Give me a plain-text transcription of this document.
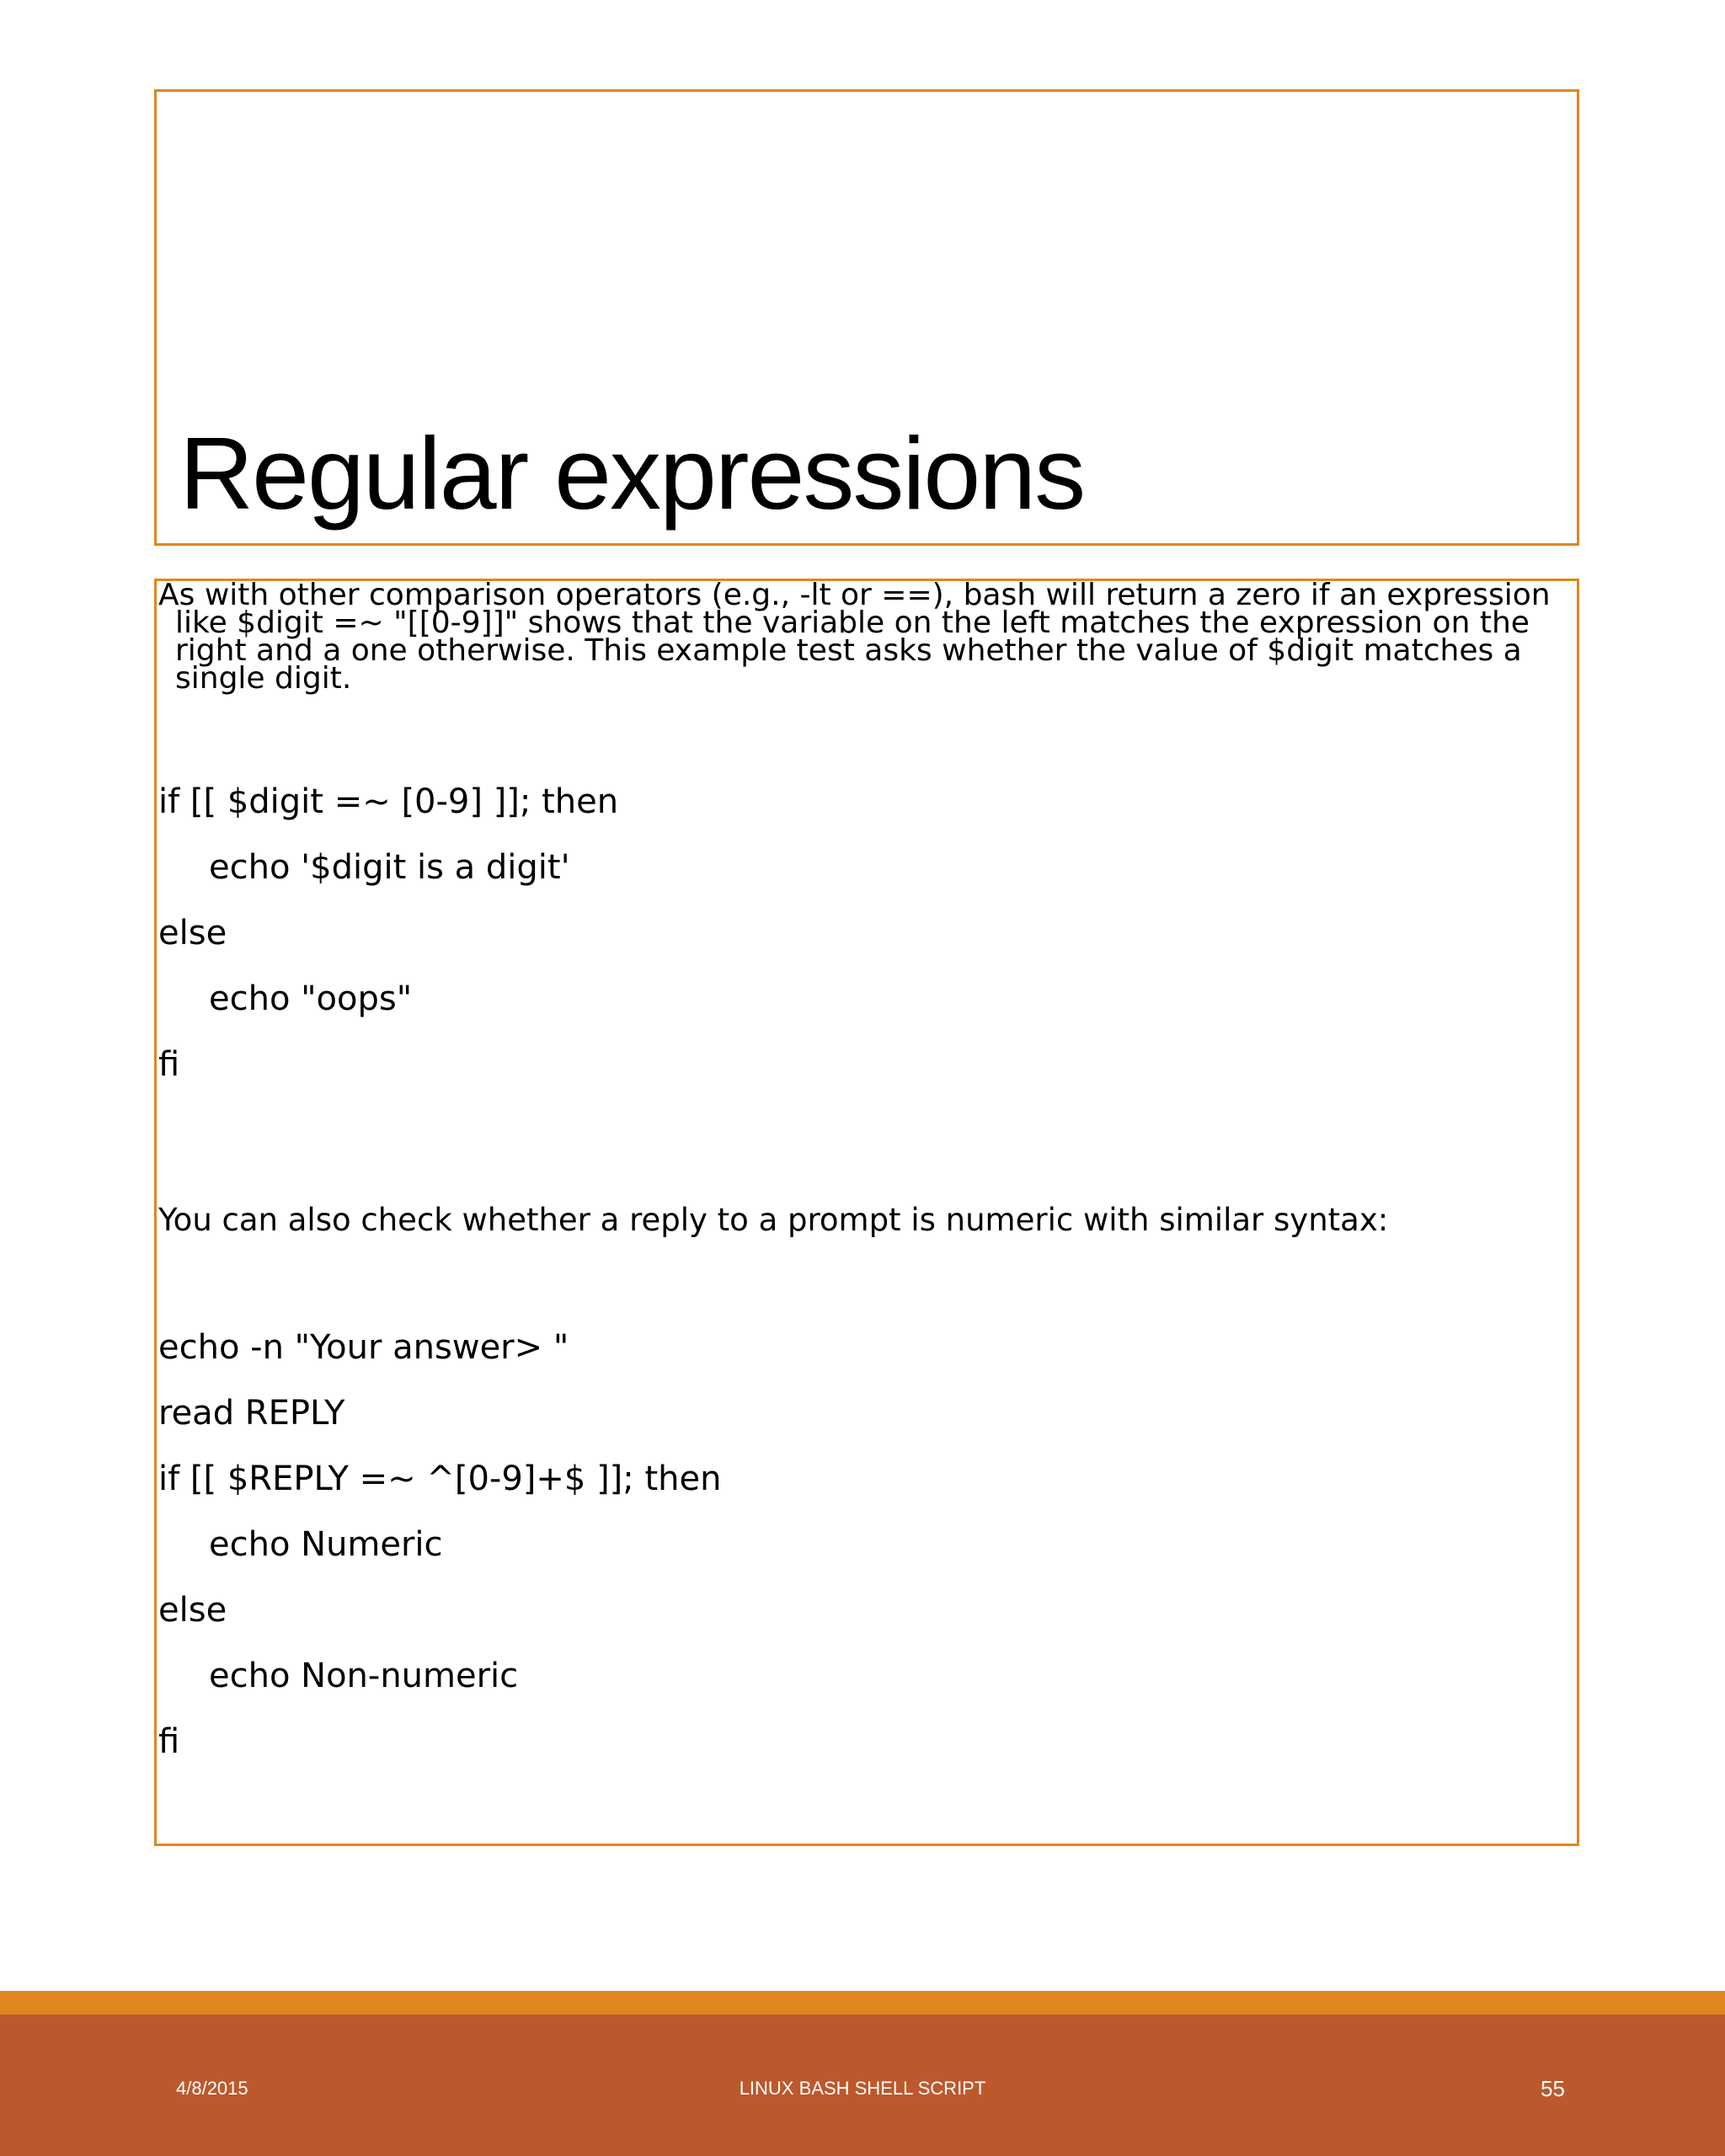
Regular expressions

As with other comparison operators (e.g., -lt or ==), bash will return a zero if an expression like $digit =~ "[[0-9]]" shows that the variable on the left matches the expression on the right and a one otherwise. This example test asks whether the value of $digit matches a single digit.

if [[ $digit =~ [0-9] ]]; then

echo '$digit is a digit'

else

echo "oops"

fi

You can also check whether a reply to a prompt is numeric with similar syntax:

echo -n "Your answer> "

read REPLY

if [[ $REPLY =~ ^[0-9]+$ ]]; then

echo Numeric

else

echo Non-numeric

fi

4/8/2015	LINUX BASH SHELL SCRIPT	55
